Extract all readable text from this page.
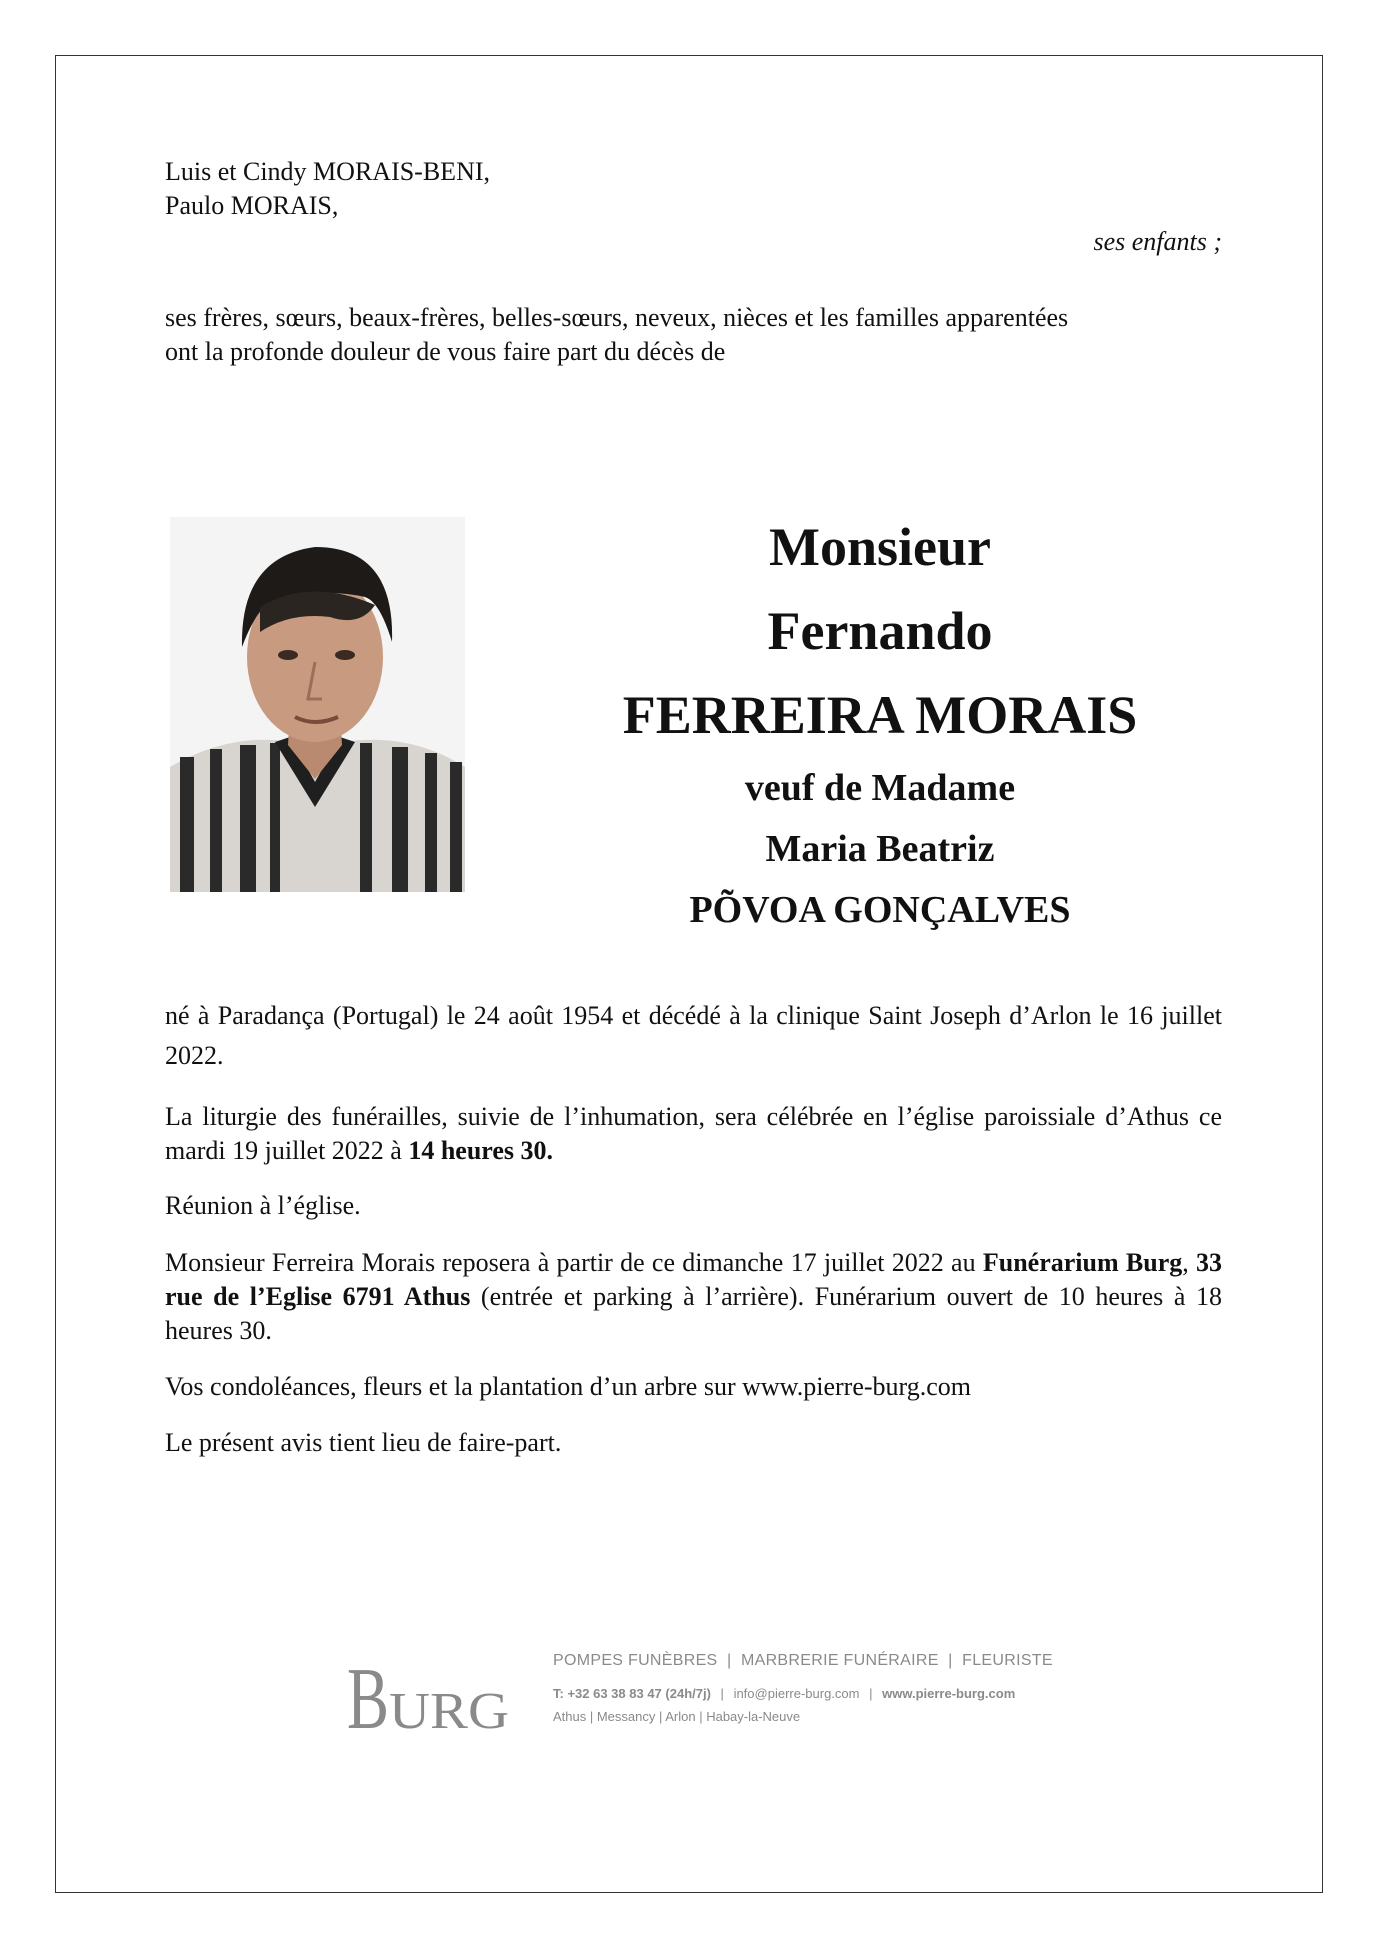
Luis et Cindy MORAIS-BENI,
Paulo MORAIS,
ses enfants ;
ses frères, sœurs, beaux-frères, belles-sœurs, neveux, nièces et les familles apparentées
ont la profonde douleur de vous faire part du décès de
Monsieur
Fernando
FERREIRA MORAIS
veuf de Madame
Maria Beatriz
PÕVOA GONÇALVES
né à Paradança (Portugal) le 24 août 1954 et décédé à la clinique Saint Joseph d’Arlon le 16 juillet 2022.
La liturgie des funérailles, suivie de l’inhumation, sera célébrée en l’église paroissiale d’Athus ce mardi 19 juillet 2022 à 14 heures 30.
Réunion à l’église.
Monsieur Ferreira Morais reposera à partir de ce dimanche 17 juillet 2022 au Funérarium Burg, 33 rue de l’Eglise 6791 Athus (entrée et parking à l’arrière). Funérarium ouvert de 10 heures à 18 heures 30.
Vos condoléances, fleurs et la plantation d’un arbre sur www.pierre-burg.com
Le présent avis tient lieu de faire-part.
B URG
POMPES FUNÈBRES  |  MARBRERIE FUNÉRAIRE  |  FLEURISTE
T: +32 63 38 83 47 (24h/7j) | info@pierre-burg.com | www.pierre-burg.com
Athus | Messancy | Arlon | Habay-la-Neuve
